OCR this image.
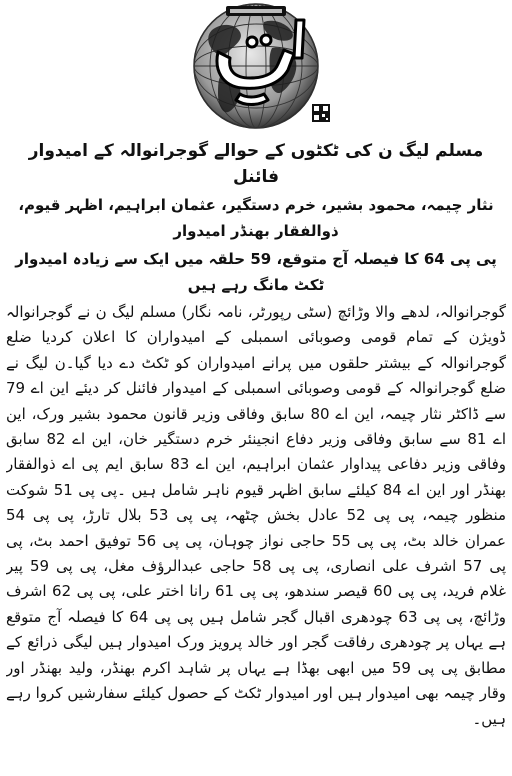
مسلم لیگ ن کی ٹکٹوں کے حوالے گوجرانوالہ کے امیدوار فائنل
نثار چیمہ، محمود بشیر، خرم دستگیر، عثمان ابراہیم، اظہر قیوم، ذوالفقار بھنڈر امیدوار
پی پی 64 کا فیصلہ آج متوقع، 59 حلقہ میں ایک سے زیادہ امیدوار ٹکٹ مانگ رہے ہیں

گوجرانوالہ، لدھے والا وڑائچ (سٹی رپورٹر، نامہ نگار) مسلم لیگ ن نے گوجرانوالہ ڈویژن کے تمام قومی وصوبائی اسمبلی کے امیدواران کا اعلان کردیا ضلع گوجرانوالہ کے بیشتر حلقوں میں پرانے امیدواران کو ٹکٹ دے دیا گیا۔ن لیگ نے ضلع گوجرانوالہ کے قومی وصوبائی اسمبلی کے امیدوار فائنل کر دیئے این اے 79 سے ڈاکٹر نثار چیمہ، این اے 80 سابق وفاقی وزیر قانون محمود بشیر ورک، این اے 81 سے سابق وفاقی وزیر دفاع انجینئر خرم دستگیر خان، این اے 82 سابق وفاقی وزیر دفاعی پیداوار عثمان ابراہیم، این اے 83 سابق ایم پی اے ذوالفقار بھنڈر اور این اے 84 کیلئے سابق اظہر قیوم ناہر شامل ہیں ۔پی پی 51 شوکت منظور چیمہ، پی پی 52 عادل بخش چٹھہ، پی پی 53 بلال تارڑ، پی پی 54 عمران خالد بٹ، پی پی 55 حاجی نواز چوہان، پی پی 56 توفیق احمد بٹ، پی پی 57 اشرف علی انصاری، پی پی 58 حاجی عبدالرؤف مغل، پی پی 59 پیر غلام فرید، پی پی 60 قیصر سندھو، پی پی 61 رانا اختر علی، پی پی 62 اشرف وڑائچ، پی پی 63 چودھری اقبال گجر شامل ہیں پی پی 64 کا فیصلہ آج متوقع ہے یہاں پر چودھری رفاقت گجر اور خالد پرویز ورک امیدوار ہیں لیگی ذرائع کے مطابق پی پی 59 میں ابھی بھڈا ہے یہاں پر شاہد اکرم بھنڈر، ولید بھنڈر اور وقار چیمہ بھی امیدوار ہیں اور امیدوار ٹکٹ کے حصول کیلئے سفارشیں کروا رہے ہیں۔
